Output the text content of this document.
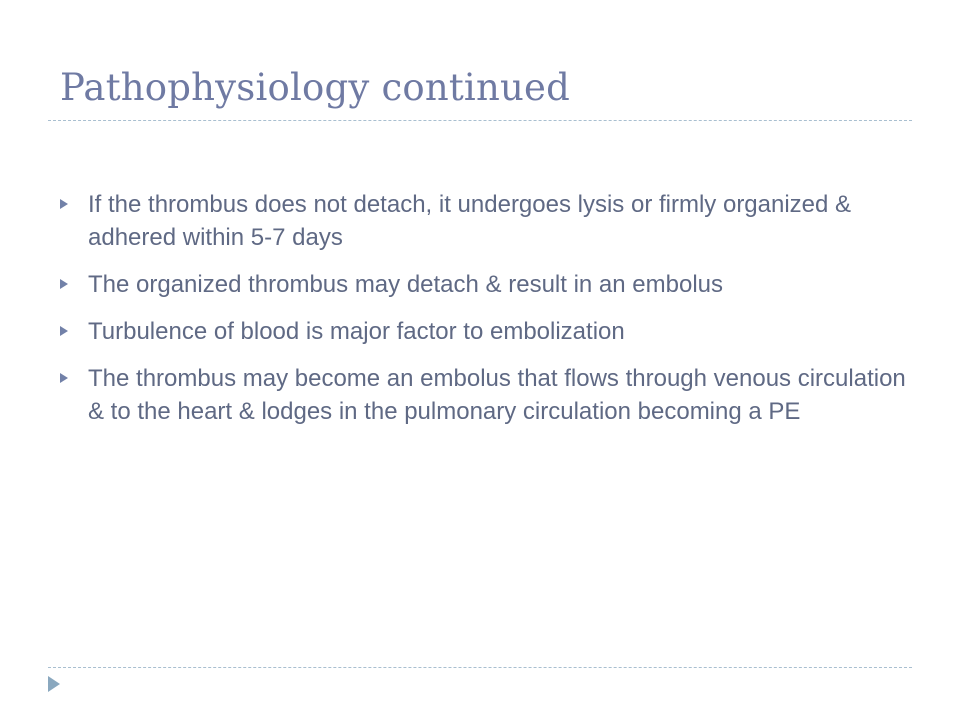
Pathophysiology continued
If the thrombus does not detach, it undergoes lysis or firmly organized & adhered within 5-7 days
The organized thrombus may detach & result in an embolus
Turbulence of blood is major factor to embolization
The thrombus may become an embolus that flows through venous circulation & to the heart & lodges in the pulmonary circulation becoming a PE
